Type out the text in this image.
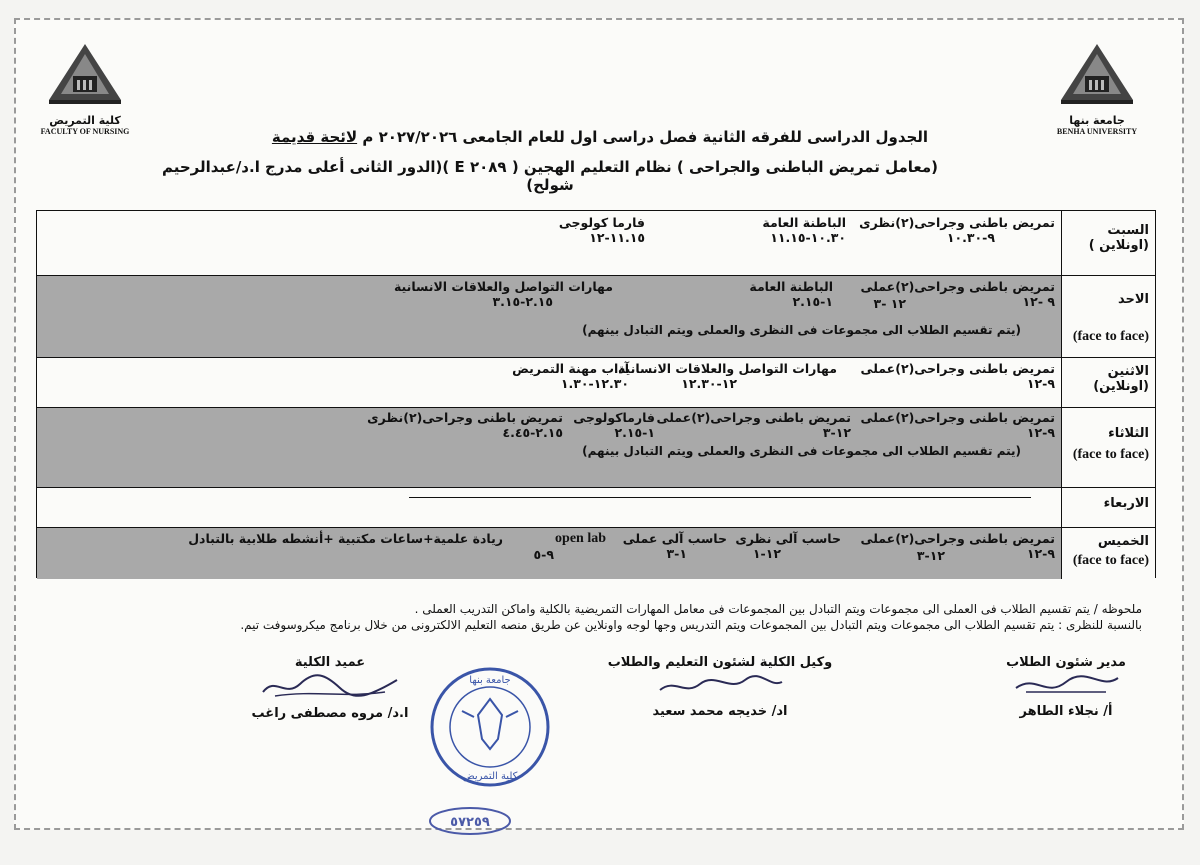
كلية التمريض
FACULTY OF NURSING
جامعة بنها
BENHA UNIVERSITY
الجدول الدراسى للفرقه الثانية فصل دراسى اول للعام الجامعى ٢٠٢٧/٢٠٢٦ م لائحة قديمة
(معامل تمريض الباطنى والجراحى ) نظام التعليم الهجين ( ٢٠٨٩ E )(الدور الثانى أعلى مدرج ا.د/عبدالرحيم شولح)
السبت
(اونلاين )
تمريض باطنى وجراحى(٢)نظرى
٩-١٠.٣٠
الباطنة العامة
١٠.٣٠-١١.١٥
فارما كولوجى
١١.١٥-١٢
الاحد
(face to face)
تمريض باطنى وجراحى(٢)عملى
٩ -١٢
الباطنة العامة
١-٢.١٥	١٢ -٣
مهارات التواصل والعلاقات الانسانية
٢.١٥-٣.١٥
(يتم تقسيم الطلاب الى مجموعات فى النظرى والعملى ويتم التبادل بينهم)
الاثنين
(اونلاين)
تمريض باطنى وجراحى(٢)عملى
٩-١٢
مهارات التواصل والعلاقات الانسانية
١٢-١٢.٣٠
آداب مهنة التمريض
١٢.٣٠-١.٣٠
الثلاثاء
(face to face)
تمريض باطنى وجراحى(٢)عملى
٩-١٢
تمريض باطنى وجراحى(٢)عملى
١٢-٣
فارماكولوجى
١-٢.١٥
تمريض باطنى وجراحى(٢)نظرى
٢.١٥-٤.٤٥
(يتم تقسيم الطلاب الى مجموعات فى النظرى والعملى ويتم التبادل بينهم)
الاربعاء
الخميس
(face to face)
تمريض باطنى وجراحى(٢)عملى
٩-١٢
١٢-٣
حاسب آلى نظرى
١٢-١
حاسب آلى عملى
١-٣
open lab
٩-٥
ريادة علمية+ساعات مكتبية +أنشطه طلابية بالتبادل
ملحوظه / يتم تقسيم الطلاب فى العملى الى مجموعات ويتم التبادل بين المجموعات فى معامل المهارات التمريضية بالكلية واماكن التدريب العملى .
بالنسبة للنظرى : يتم تقسيم الطلاب الى مجموعات ويتم التبادل بين المجموعات ويتم التدريس وجها لوجه واونلاين عن طريق منصه التعليم الالكترونى من خلال برنامج ميكروسوفت تيم.
مدير شئون الطلاب
أ/ نجلاء الطاهر
وكيل الكلية لشئون التعليم والطلاب
اد/ خديجه محمد سعيد
عميد الكلية
ا.د/ مروه مصطفى راغب
جامعة بنها
كلية التمريض
٥٧٢٥٩
